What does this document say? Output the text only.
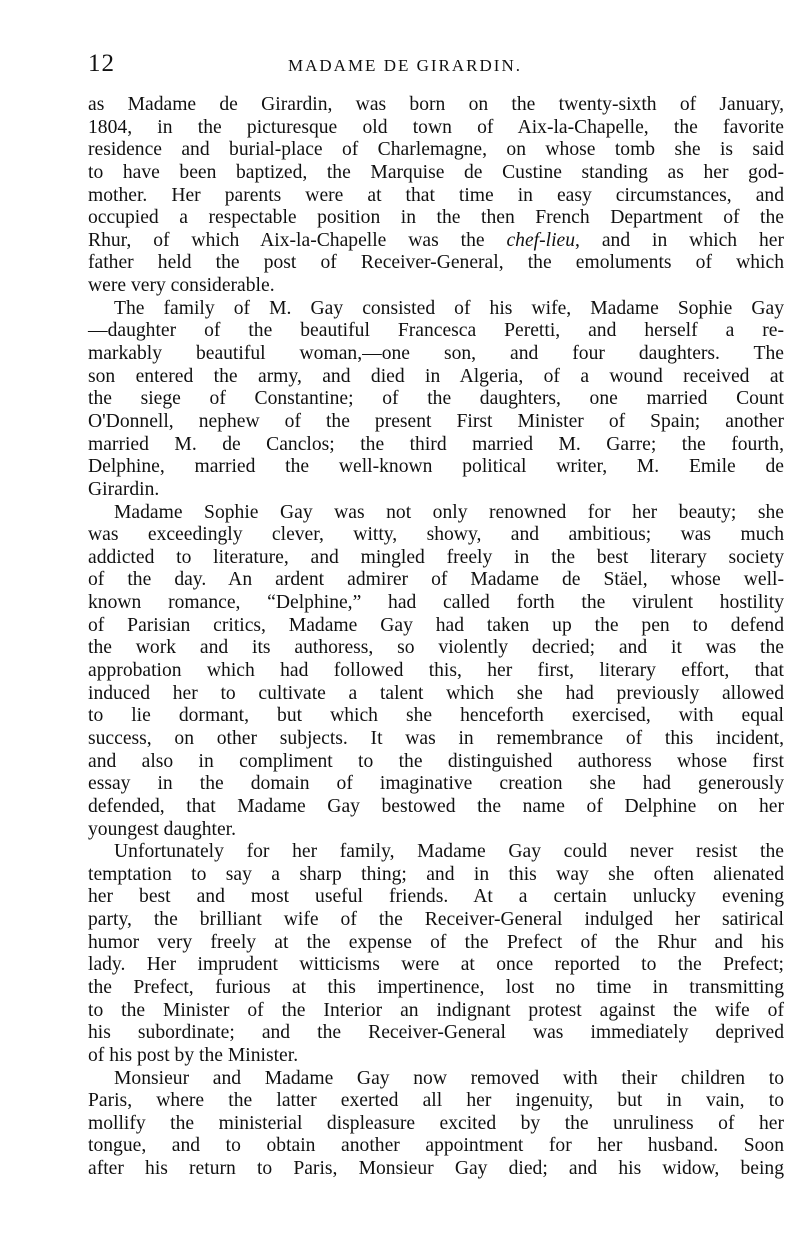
12	MADAME DE GIRARDIN.
as Madame de Girardin, was born on the twenty-sixth of January,
1804, in the picturesque old town of Aix-la-Chapelle, the favorite
residence and burial-place of Charlemagne, on whose tomb she is said
to have been baptized, the Marquise de Custine standing as her god-
mother. Her parents were at that time in easy circumstances, and
occupied a respectable position in the then French Department of the
Rhur, of which Aix-la-Chapelle was the chef-lieu, and in which her
father held the post of Receiver-General, the emoluments of which
were very considerable.
The family of M. Gay consisted of his wife, Madame Sophie Gay
—daughter of the beautiful Francesca Peretti, and herself a re-
markably beautiful woman,—one son, and four daughters. The
son entered the army, and died in Algeria, of a wound received at
the siege of Constantine; of the daughters, one married Count
O'Donnell, nephew of the present First Minister of Spain; another
married M. de Canclos; the third married M. Garre; the fourth,
Delphine, married the well-known political writer, M. Emile de
Girardin.
Madame Sophie Gay was not only renowned for her beauty; she
was exceedingly clever, witty, showy, and ambitious; was much
addicted to literature, and mingled freely in the best literary society
of the day. An ardent admirer of Madame de Stäel, whose well-
known romance, “Delphine,” had called forth the virulent hostility
of Parisian critics, Madame Gay had taken up the pen to defend
the work and its authoress, so violently decried; and it was the
approbation which had followed this, her first, literary effort, that
induced her to cultivate a talent which she had previously allowed
to lie dormant, but which she henceforth exercised, with equal
success, on other subjects. It was in remembrance of this incident,
and also in compliment to the distinguished authoress whose first
essay in the domain of imaginative creation she had generously
defended, that Madame Gay bestowed the name of Delphine on her
youngest daughter.
Unfortunately for her family, Madame Gay could never resist the
temptation to say a sharp thing; and in this way she often alienated
her best and most useful friends. At a certain unlucky evening
party, the brilliant wife of the Receiver-General indulged her satirical
humor very freely at the expense of the Prefect of the Rhur and his
lady. Her imprudent witticisms were at once reported to the Prefect;
the Prefect, furious at this impertinence, lost no time in transmitting
to the Minister of the Interior an indignant protest against the wife of
his subordinate; and the Receiver-General was immediately deprived
of his post by the Minister.
Monsieur and Madame Gay now removed with their children to
Paris, where the latter exerted all her ingenuity, but in vain, to
mollify the ministerial displeasure excited by the unruliness of her
tongue, and to obtain another appointment for her husband. Soon
after his return to Paris, Monsieur Gay died; and his widow, being
